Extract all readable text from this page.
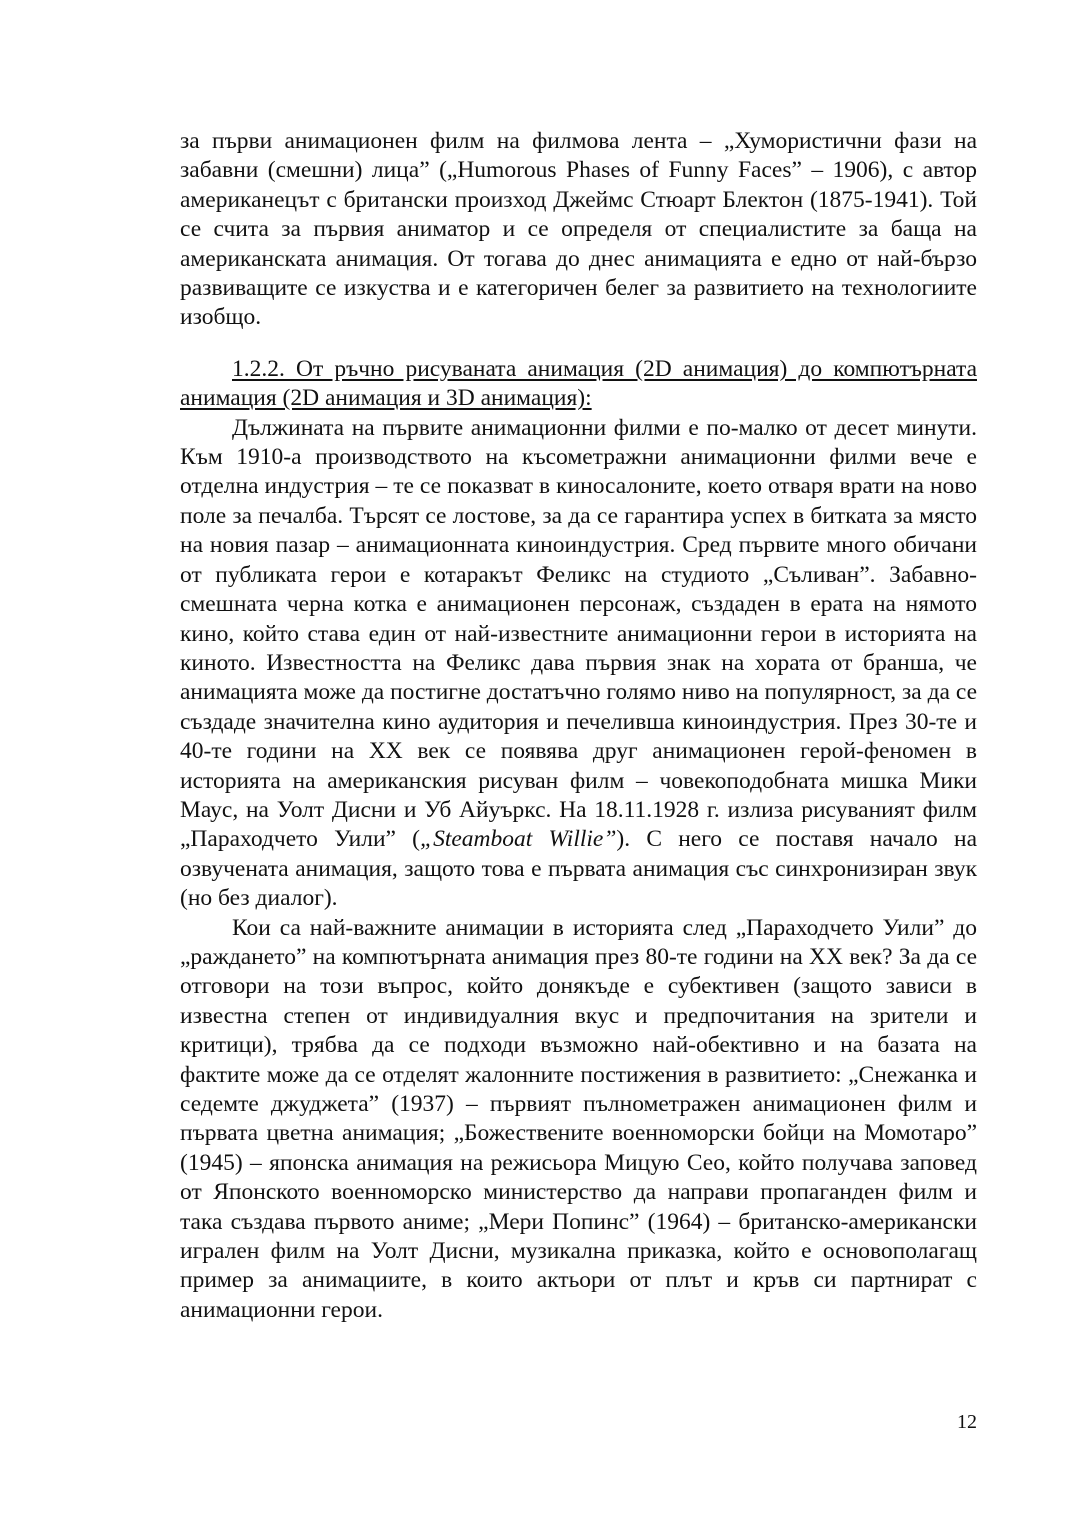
за първи анимационен филм на филмова лента – „Хумористични фази на забавни (смешни) лица” („Humorous Phases of Funny Faces” – 1906), с автор американецът с британски произход Джеймс Стюарт Блектон (1875-1941). Той се счита за първия аниматор и се определя от специалистите за баща на американската анимация. От тогава до днес анимацията е едно от най-бързо развиващите се изкуства и е категоричен белег за развитието на технологиите изобщо.

1.2.2. От ръчно рисуваната анимация (2D анимация) до компютърната анимация (2D анимация и 3D анимация):

Дължината на първите анимационни филми е по-малко от десет минути. Към 1910-а производството на късометражни анимационни филми вече е отделна индустрия – те се показват в киносалоните, което отваря врати на ново поле за печалба. Търсят се лостове, за да се гарантира успех в битката за място на новия пазар – анимационната киноиндустрия. Сред първите много обичани от публиката герои е котаракът Феликс на студиото „Съливан”. Забавно-смешната черна котка е анимационен персонаж, създаден в ерата на нямото кино, който става един от най-известните анимационни герои в историята на киното. Известността на Феликс дава първия знак на хората от бранша, че анимацията може да постигне достатъчно голямо ниво на популярност, за да се създаде значителна кино аудитория и печеливша киноиндустрия. През 30-те и 40-те години на XX век се появява друг анимационен герой-феномен в историята на американския рисуван филм – човекоподобната мишка Мики Маус, на Уолт Дисни и Уб Айуъркс. На 18.11.1928 г. излиза рисуваният филм „Параходчето Уили” („Steamboat Willie”). С него се поставя начало на озвучената анимация, защото това е първата анимация със синхронизиран звук (но без диалог).

Кои са най-важните анимации в историята след „Параходчето Уили” до „раждането” на компютърната анимация през 80-те години на XX век? За да се отговори на този въпрос, който донякъде е субективен (защото зависи в известна степен от индивидуалния вкус и предпочитания на зрители и критици), трябва да се подходи възможно най-обективно и на базата на фактите може да се отделят жалонните постижения в развитието: „Снежанка и седемте джуджета” (1937) – първият пълнометражен анимационен филм и първата цветна анимация; „Божествените военноморски бойци на Момотаро” (1945) – японска анимация на режисьора Мицую Сео, който получава заповед от Японското военноморско министерство да направи пропаганден филм и така създава първото аниме; „Мери Попинс” (1964) – британско-американски игрален филм на Уолт Дисни, музикална приказка, който е основополагащ пример за анимациите, в които актьори от плът и кръв си партнират с анимационни герои.

12
